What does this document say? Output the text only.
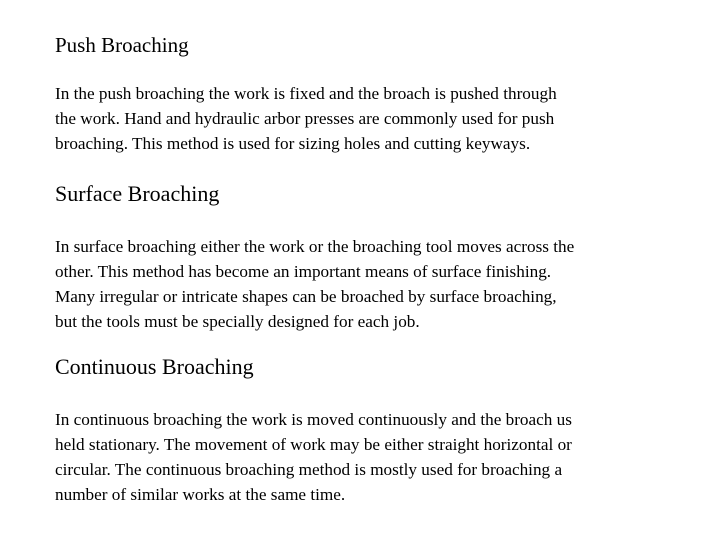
Push Broaching

In the push broaching the work is fixed and the broach is pushed through
the work. Hand and hydraulic arbor presses are commonly used for push
broaching. This method is used for sizing holes and cutting keyways.

Surface Broaching

In surface broaching either the work or the broaching tool moves across the
other. This method has become an important means of surface finishing.
Many irregular or intricate shapes can be broached by surface broaching,
but the tools must be specially designed for each job.

Continuous Broaching

In continuous broaching the work is moved continuously and the broach us
held stationary. The movement of work may be either straight horizontal or
circular. The continuous broaching method is mostly used for broaching a
number of similar works at the same time.
